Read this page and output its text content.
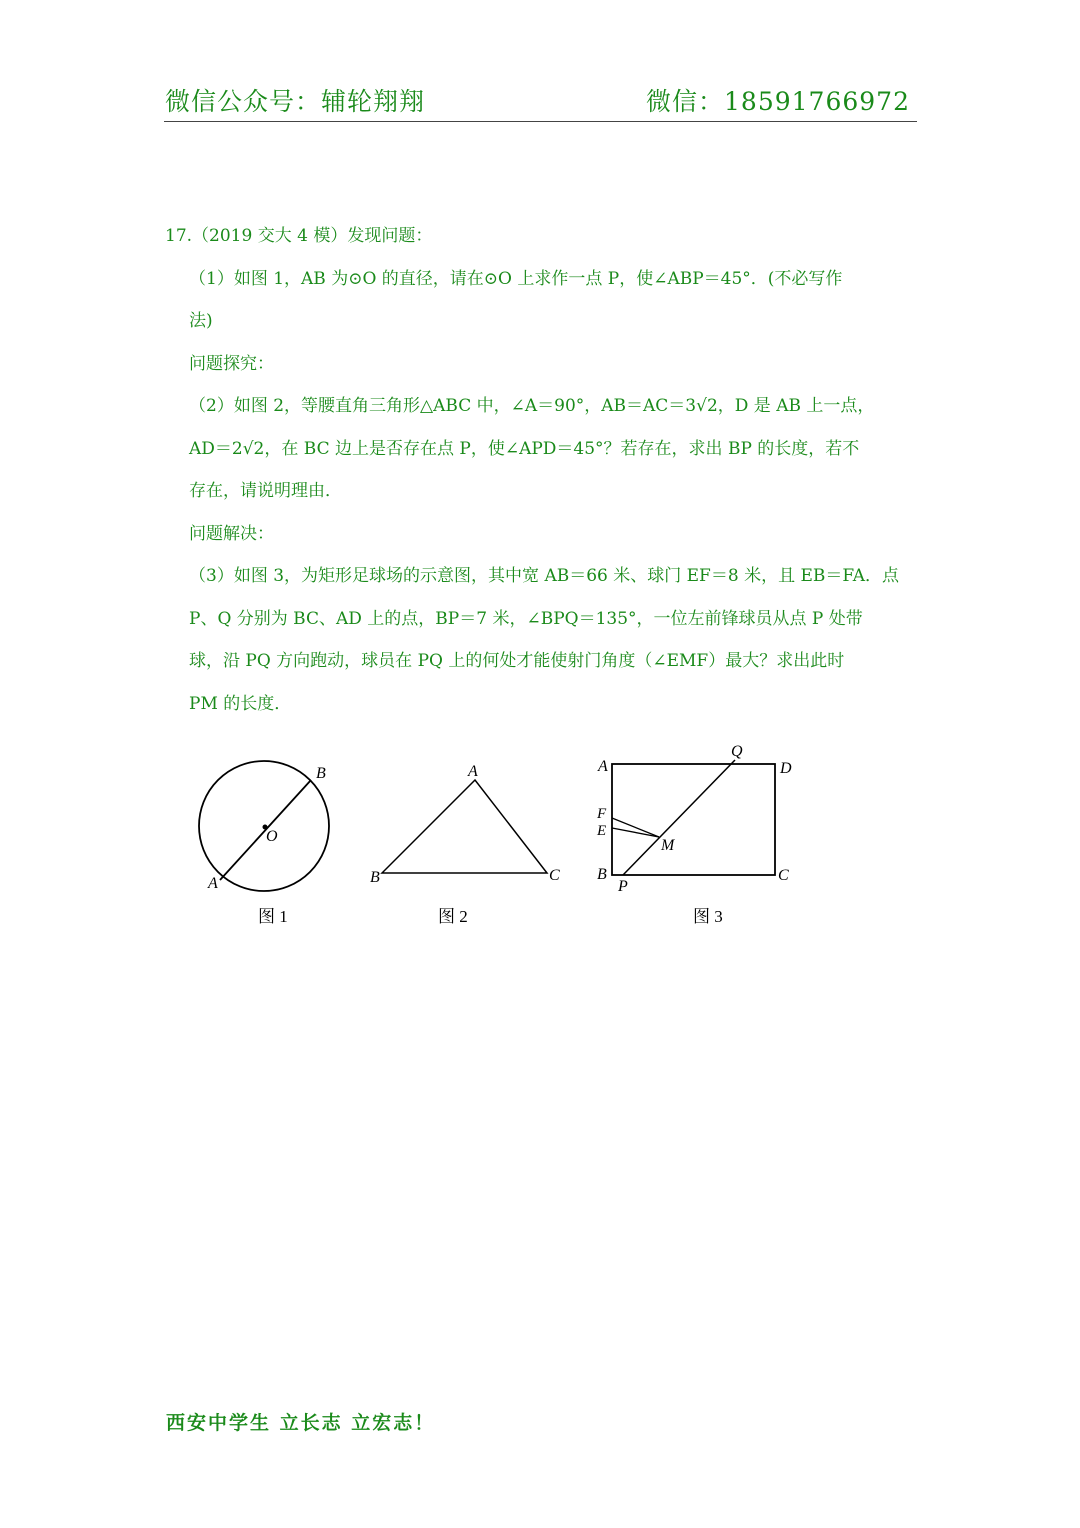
微信公众号：辅轮翔翔	微信：18591766972
17.（2019 交大 4 模）发现问题：
（1）如图 1，AB 为⊙O 的直径，请在⊙O 上求作一点 P，使∠ABP＝45°．(不必写作
法)
问题探究：
（2）如图 2，等腰直角三角形△ABC 中，∠A＝90°，AB＝AC＝3√2，D 是 AB 上一点，
AD＝2√2，在 BC 边上是否存在点 P，使∠APD＝45°？若存在，求出 BP 的长度，若不
存在，请说明理由．
问题解决：
（3）如图 3，为矩形足球场的示意图，其中宽 AB＝66 米、球门 EF＝8 米，且 EB＝FA．点
P、Q 分别为 BC、AD 上的点，BP＝7 米，∠BPQ＝135°，一位左前锋球员从点 P 处带
球，沿 PQ 方向跑动，球员在 PQ 上的何处才能使射门角度（∠EMF）最大？求出此时
PM 的长度．
B
O
A
图 1
A
B	C
图 2
A
Q
D
F
E
M
B
P
C
图 3
西安中学生 立长志 立宏志！
